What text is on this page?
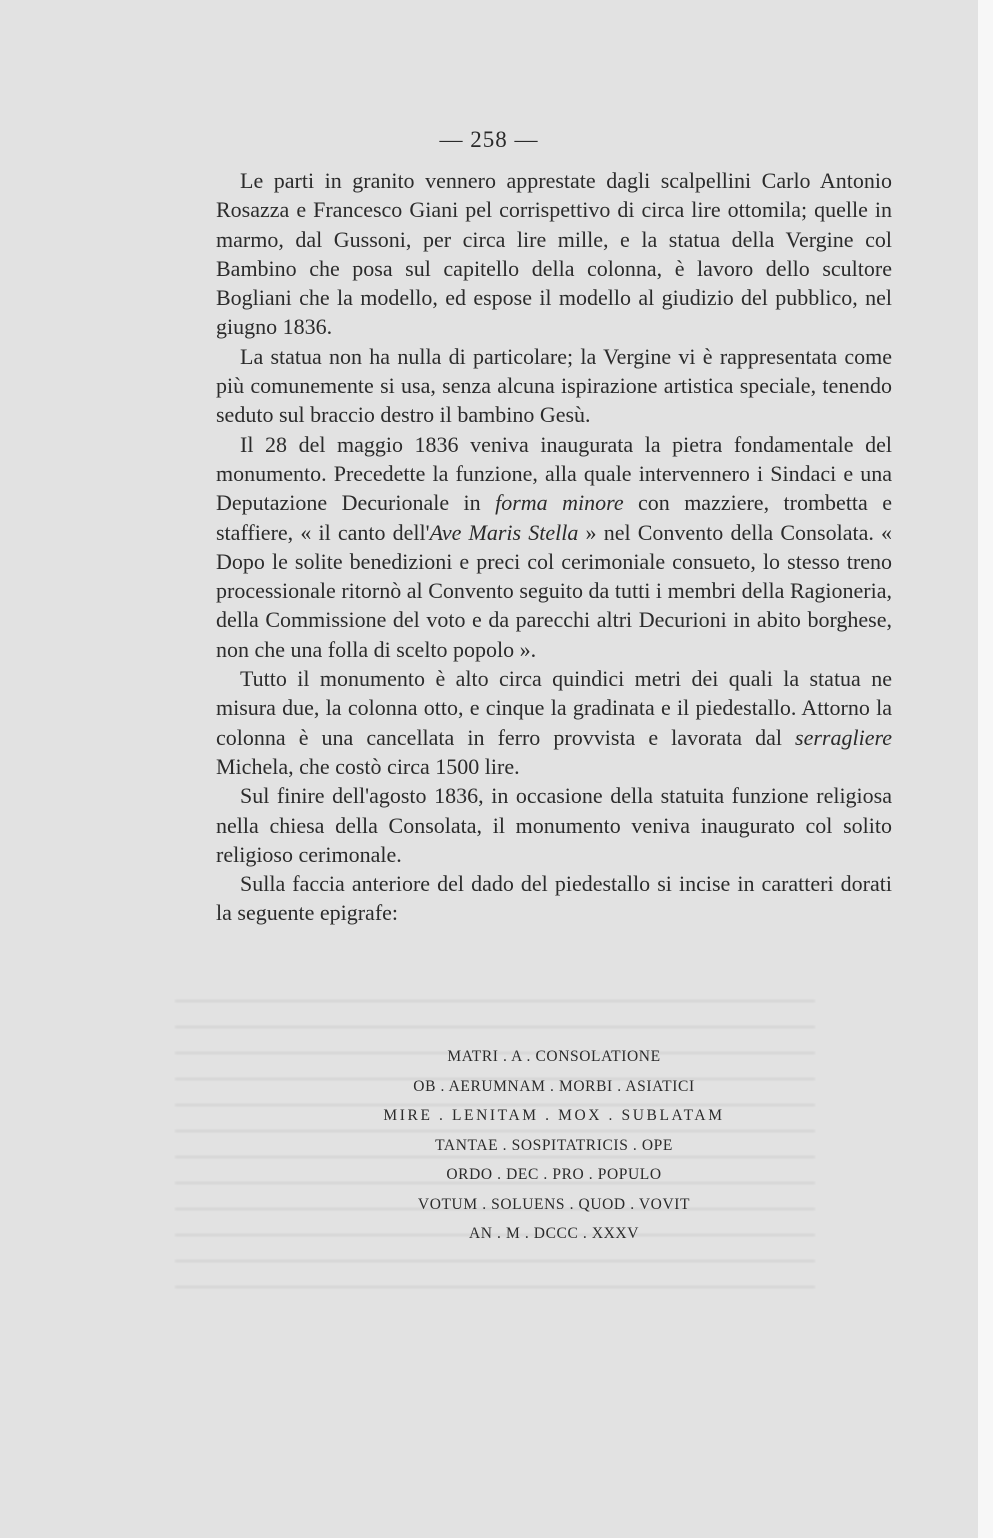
— 258 —

Le parti in granito vennero apprestate dagli scalpellini Carlo Antonio Rosazza e Francesco Giani pel corrispettivo di circa lire ottomila; quelle in marmo, dal Gussoni, per circa lire mille, e la statua della Vergine col Bambino che posa sul capitello della colonna, è lavoro dello scultore Bogliani che la modello, ed espose il modello al giudizio del pubblico, nel giugno 1836.

La statua non ha nulla di particolare; la Vergine vi è rappresentata come più comunemente si usa, senza alcuna ispirazione artistica speciale, tenendo seduto sul braccio destro il bambino Gesù.

Il 28 del maggio 1836 veniva inaugurata la pietra fondamentale del monumento. Precedette la funzione, alla quale intervennero i Sindaci e una Deputazione Decurionale in forma minore con mazziere, trombetta e staffiere, « il canto dell'Ave Maris Stella » nel Convento della Consolata. « Dopo le solite benedizioni e preci col cerimoniale consueto, lo stesso treno processionale ritornò al Convento seguito da tutti i membri della Ragioneria, della Commissione del voto e da parecchi altri Decurioni in abito borghese, non che una folla di scelto popolo ».

Tutto il monumento è alto circa quindici metri dei quali la statua ne misura due, la colonna otto, e cinque la gradinata e il piedestallo. Attorno la colonna è una cancellata in ferro provvista e lavorata dal serragliere Michela, che costò circa 1500 lire.

Sul finire dell'agosto 1836, in occasione della statuita funzione religiosa nella chiesa della Consolata, il monumento veniva inaugurato col solito religioso cerimonale.

Sulla faccia anteriore del dado del piedestallo si incise in caratteri dorati la seguente epigrafe:

MATRI . A . CONSOLATIONE
OB . AERUMNAM . MORBI . ASIATICI
MIRE . LENITAM . MOX . SUBLATAM
TANTAE . SOSPITATRICIS . OPE
ORDO . DEC . PRO . POPULO
VOTUM . SOLUENS . QUOD . VOVIT
AN . M . DCCC . XXXV
